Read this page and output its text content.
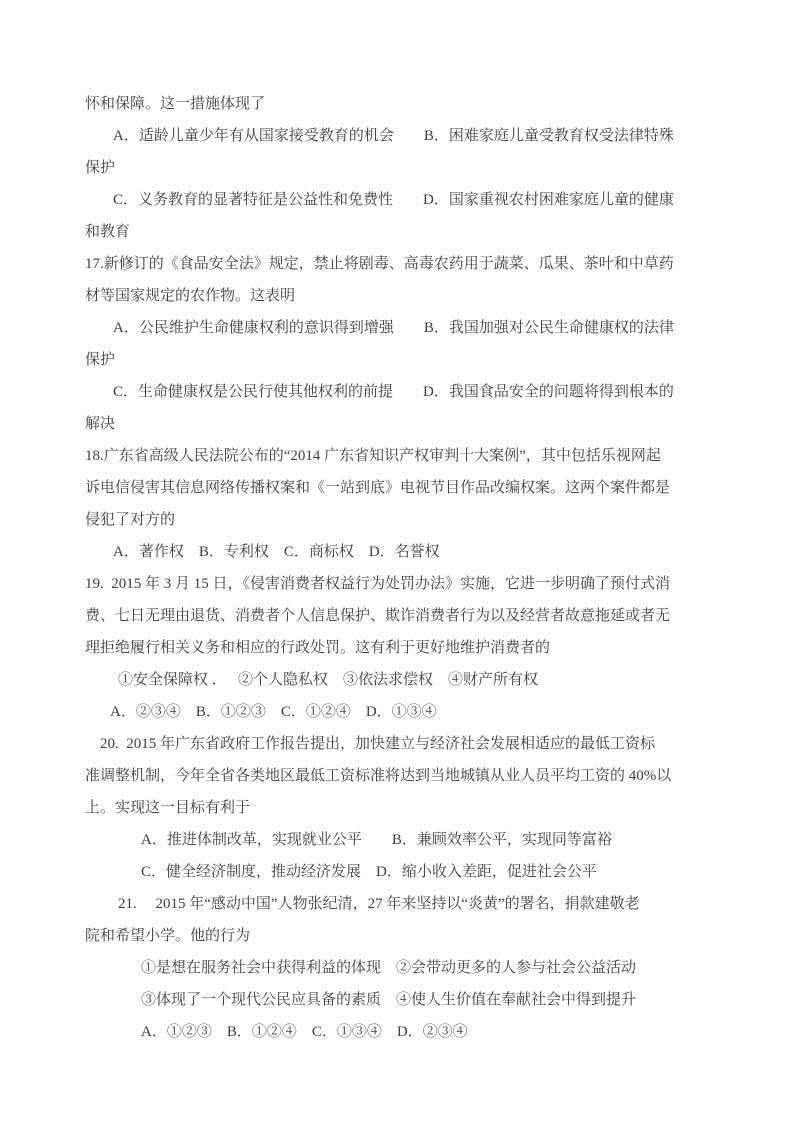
怀和保障。这一措施体现了
A．适龄儿童少年有从国家接受教育的机会        B．困难家庭儿童受教育权受法律特殊
保护
C．义务教育的显著特征是公益性和免费性        D．国家重视农村困难家庭儿童的健康
和教育
17.新修订的《食品安全法》规定，禁止将剧毒、高毒农药用于蔬菜、瓜果、茶叶和中草药
材等国家规定的农作物。这表明
A．公民维护生命健康权利的意识得到增强        B．我国加强对公民生命健康权的法律
保护
C．生命健康权是公民行使其他权利的前提        D．我国食品安全的问题将得到根本的
解决
18.广东省高级人民法院公布的“2014 广东省知识产权审判十大案例”，其中包括乐视网起
诉电信侵害其信息网络传播权案和《一站到底》电视节目作品改编权案。这两个案件都是
侵犯了对方的
A．著作权    B．专利权    C．商标权    D．名誉权
19.  2015 年 3 月 15 日，《侵害消费者权益行为处罚办法》实施，它进一步明确了预付式消
费、七日无理由退货、消费者个人信息保护、欺诈消费者行为以及经营者故意拖延或者无
理拒绝履行相关义务和相应的行政处罚。这有利于更好地维护消费者的
①安全保障权 ．   ②个人隐私权    ③依法求偿权    ④财产所有权
A．②③④    B．①②③    C．①②④    D．①③④
20.  2015 年广东省政府工作报告提出，加快建立与经济社会发展相适应的最低工资标
准调整机制，今年全省各类地区最低工资标准将达到当地城镇从业人员平均工资的 40%以
上。实现这一目标有利于
A．推进体制改革，实现就业公平        B．兼顾效率公平，实现同等富裕
C．健全经济制度，推动经济发展    D．缩小收入差距，促进社会公平
21.     2015 年“感动中国”人物张纪清，27 年来坚持以“炎黄”的署名，捐款建敬老
院和希望小学。他的行为
①是想在服务社会中获得利益的体现    ②会带动更多的人参与社会公益活动
③体现了一个现代公民应具备的素质    ④使人生价值在奉献社会中得到提升
A．①②③    B．①②④    C．①③④    D．②③④
